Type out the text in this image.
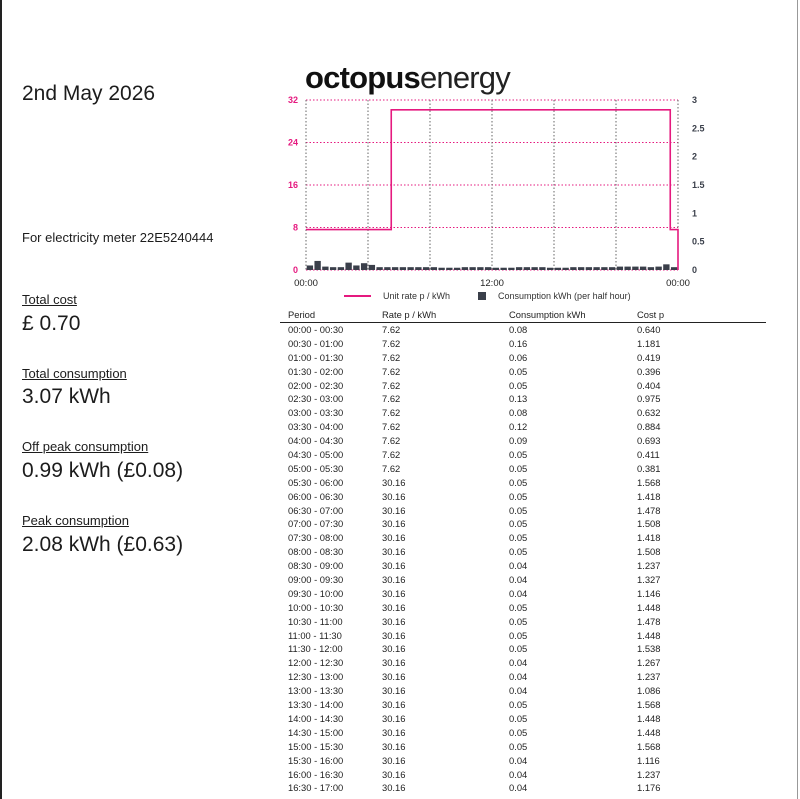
2nd May 2026
For electricity meter 22E5240444
Total cost
£ 0.70
Total consumption
3.07 kWh
Off peak consumption
0.99 kWh (£0.08)
Peak consumption
2.08 kWh (£0.63)
octopusenergy
0
8
16
24
32
0
0.5
1
1.5
2
2.5
3
00:00	12:00	00:00
Unit rate p / kWh	Consumption kWh (per half hour)
Period	Rate p / kWh	Consumption kWh	Cost p
00:00 - 00:30	7.62	0.08	0.640
00:30 - 01:00	7.62	0.16	1.181
01:00 - 01:30	7.62	0.06	0.419
01:30 - 02:00	7.62	0.05	0.396
02:00 - 02:30	7.62	0.05	0.404
02:30 - 03:00	7.62	0.13	0.975
03:00 - 03:30	7.62	0.08	0.632
03:30 - 04:00	7.62	0.12	0.884
04:00 - 04:30	7.62	0.09	0.693
04:30 - 05:00	7.62	0.05	0.411
05:00 - 05:30	7.62	0.05	0.381
05:30 - 06:00	30.16	0.05	1.568
06:00 - 06:30	30.16	0.05	1.418
06:30 - 07:00	30.16	0.05	1.478
07:00 - 07:30	30.16	0.05	1.508
07:30 - 08:00	30.16	0.05	1.418
08:00 - 08:30	30.16	0.05	1.508
08:30 - 09:00	30.16	0.04	1.237
09:00 - 09:30	30.16	0.04	1.327
09:30 - 10:00	30.16	0.04	1.146
10:00 - 10:30	30.16	0.05	1.448
10:30 - 11:00	30.16	0.05	1.478
11:00 - 11:30	30.16	0.05	1.448
11:30 - 12:00	30.16	0.05	1.538
12:00 - 12:30	30.16	0.04	1.267
12:30 - 13:00	30.16	0.04	1.237
13:00 - 13:30	30.16	0.04	1.086
13:30 - 14:00	30.16	0.05	1.568
14:00 - 14:30	30.16	0.05	1.448
14:30 - 15:00	30.16	0.05	1.448
15:00 - 15:30	30.16	0.05	1.568
15:30 - 16:00	30.16	0.04	1.116
16:00 - 16:30	30.16	0.04	1.237
16:30 - 17:00	30.16	0.04	1.176
